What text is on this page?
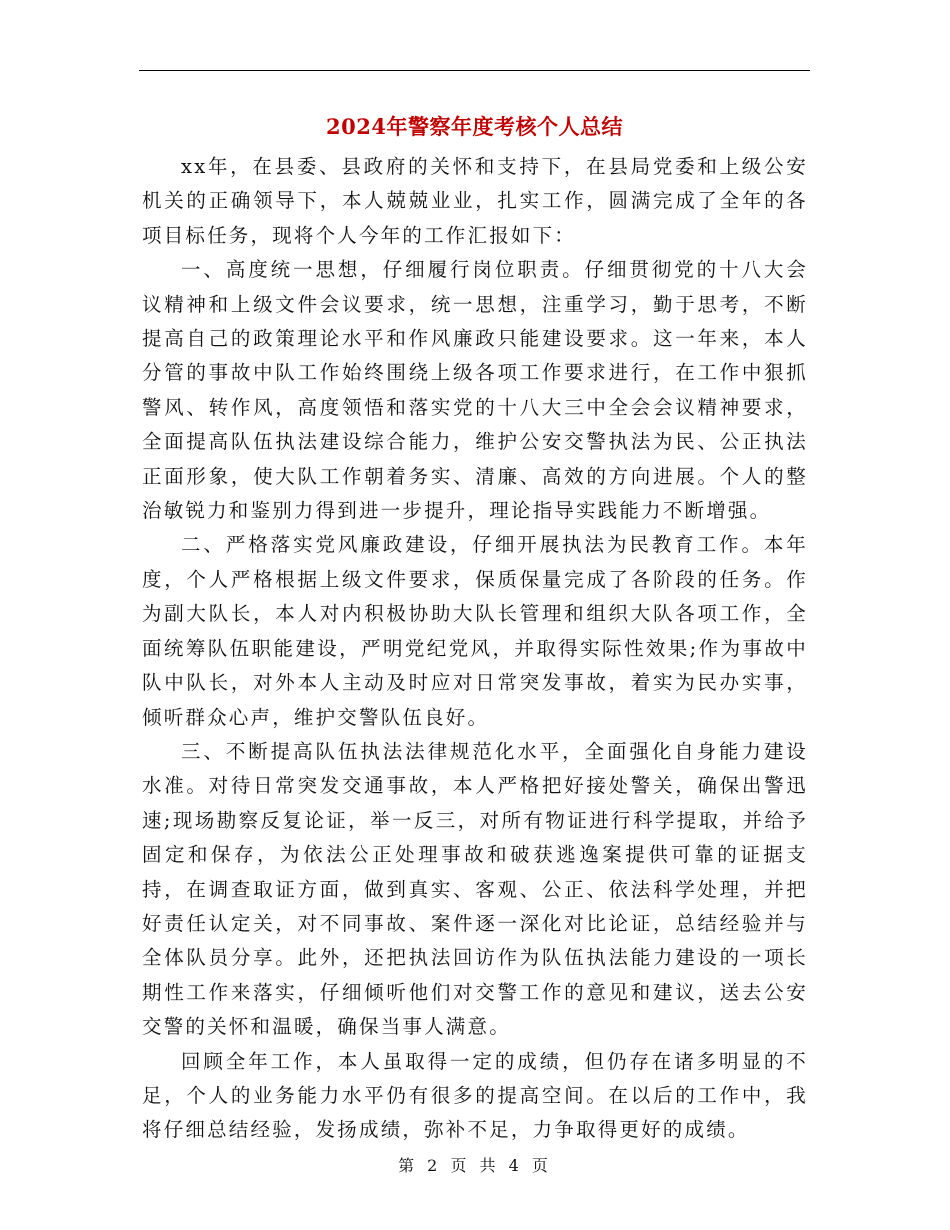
2024年警察年度考核个人总结

xx年，在县委、县政府的关怀和支持下，在县局党委和上级公安机关的正确领导下，本人兢兢业业，扎实工作，圆满完成了全年的各项目标任务，现将个人今年的工作汇报如下：

一、高度统一思想，仔细履行岗位职责。仔细贯彻党的十八大会议精神和上级文件会议要求，统一思想，注重学习，勤于思考，不断提高自己的政策理论水平和作风廉政只能建设要求。这一年来，本人分管的事故中队工作始终围绕上级各项工作要求进行，在工作中狠抓警风、转作风，高度领悟和落实党的十八大三中全会会议精神要求，全面提高队伍执法建设综合能力，维护公安交警执法为民、公正执法正面形象，使大队工作朝着务实、清廉、高效的方向进展。个人的整治敏锐力和鉴别力得到进一步提升，理论指导实践能力不断增强。

二、严格落实党风廉政建设，仔细开展执法为民教育工作。本年度，个人严格根据上级文件要求，保质保量完成了各阶段的任务。作为副大队长，本人对内积极协助大队长管理和组织大队各项工作，全面统筹队伍职能建设，严明党纪党风，并取得实际性效果;作为事故中队中队长，对外本人主动及时应对日常突发事故，着实为民办实事，倾听群众心声，维护交警队伍良好。

三、不断提高队伍执法法律规范化水平，全面强化自身能力建设水准。对待日常突发交通事故，本人严格把好接处警关，确保出警迅速;现场勘察反复论证，举一反三，对所有物证进行科学提取，并给予固定和保存，为依法公正处理事故和破获逃逸案提供可靠的证据支持，在调查取证方面，做到真实、客观、公正、依法科学处理，并把好责任认定关，对不同事故、案件逐一深化对比论证，总结经验并与全体队员分享。此外，还把执法回访作为队伍执法能力建设的一项长期性工作来落实，仔细倾听他们对交警工作的意见和建议，送去公安交警的关怀和温暖，确保当事人满意。

回顾全年工作，本人虽取得一定的成绩，但仍存在诸多明显的不足，个人的业务能力水平仍有很多的提高空间。在以后的工作中，我将仔细总结经验，发扬成绩，弥补不足，力争取得更好的成绩。

第 2 页 共 4 页
